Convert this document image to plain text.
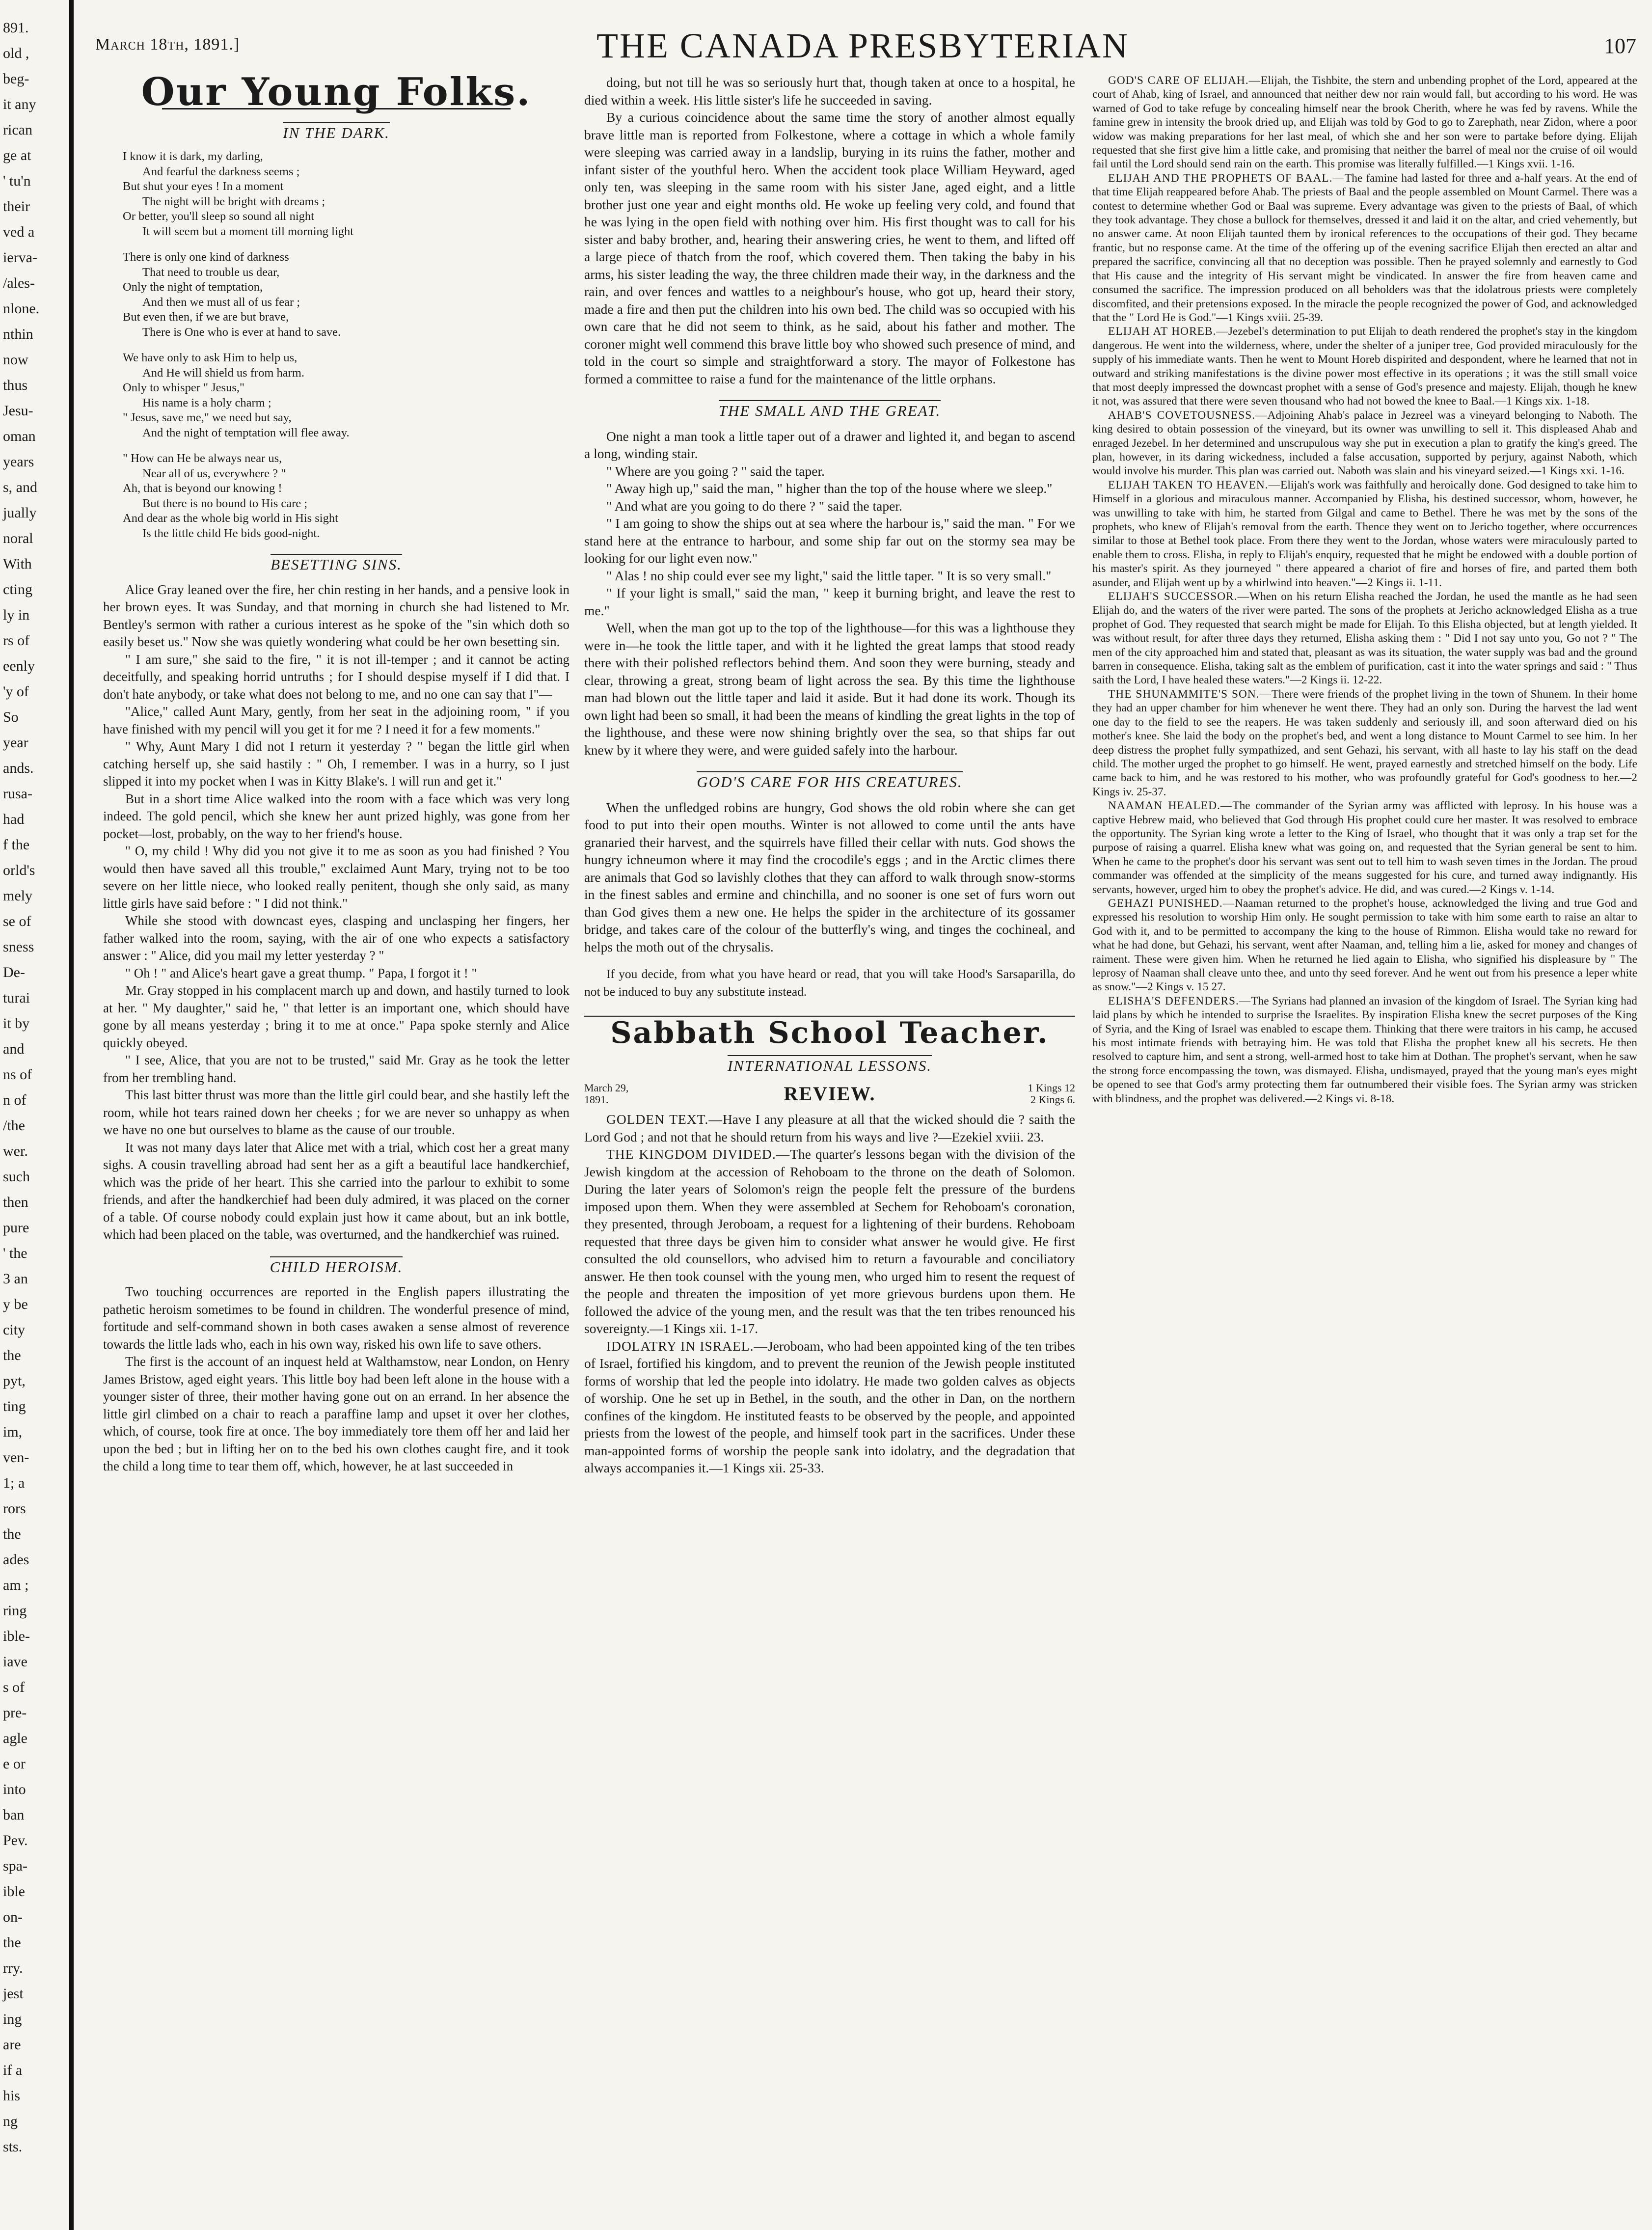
891.
old ,
beg-
it any
rican
ge at
' tu'n
their
ved a
ierva-
/ales-
nlone.
nthin
now
thus
Jesu-
oman
years
s, and
jually
noral
With
cting
ly in
rs of
eenly
'y of
So
year
ands.
rusa-
had
f the
orld's
mely
se of
sness
De-
turai
it by
and
ns of
n of
/the
wer.
such
then
pure
' the
3 an
y be
city
the
pyt,
ting
im,
ven-
1; a
rors
the
ades
am ;
ring
ible-
iave
s of
pre-
agle
e or
into
ban
Pev.
spa-
ible
on-
the
rry.
jest
ing
are
if a
his
ng
sts.
March 18th, 1891.]	THE CANADA PRESBYTERIAN	107
Our Young Folks.
IN THE DARK.
I know it is dark, my darling,
And fearful the darkness seems ;
But shut your eyes ! In a moment
The night will be bright with dreams ;
Or better, you'll sleep so sound all night
It will seem but a moment till morning light
There is only one kind of darkness
That need to trouble us dear,
Only the night of temptation,
And then we must all of us fear ;
But even then, if we are but brave,
There is One who is ever at hand to save.
We have only to ask Him to help us,
And He will shield us from harm.
Only to whisper " Jesus,"
His name is a holy charm ;
" Jesus, save me," we need but say,
And the night of temptation will flee away.
" How can He be always near us,
Near all of us, everywhere ? "
Ah, that is beyond our knowing !
But there is no bound to His care ;
And dear as the whole big world in His sight
Is the little child He bids good-night.
BESETTING SINS.

Alice Gray leaned over the fire, her chin resting in her hands, and a pensive look in her brown eyes. It was Sunday, and that morning in church she had listened to Mr. Bentley's sermon with rather a curious interest as he spoke of the "sin which doth so easily beset us." Now she was quietly wondering what could be her own besetting sin.

" I am sure," she said to the fire, " it is not ill-temper ; and it cannot be acting deceitfully, and speaking horrid untruths ; for I should despise myself if I did that. I don't hate anybody, or take what does not belong to me, and no one can say that I"—

"Alice," called Aunt Mary, gently, from her seat in the adjoining room, " if you have finished with my pencil will you get it for me ? I need it for a few moments."

" Why, Aunt Mary I did not I return it yesterday ? " began the little girl when catching herself up, she said hastily : " Oh, I remember. I was in a hurry, so I just slipped it into my pocket when I was in Kitty Blake's. I will run and get it."

But in a short time Alice walked into the room with a face which was very long indeed. The gold pencil, which she knew her aunt prized highly, was gone from her pocket—lost, probably, on the way to her friend's house.

" O, my child ! Why did you not give it to me as soon as you had finished ? You would then have saved all this trouble," exclaimed Aunt Mary, trying not to be too severe on her little niece, who looked really penitent, though she only said, as many little girls have said before : " I did not think."

While she stood with downcast eyes, clasping and unclasping her fingers, her father walked into the room, saying, with the air of one who expects a satisfactory answer : " Alice, did you mail my letter yesterday ? "

" Oh ! " and Alice's heart gave a great thump. " Papa, I forgot it ! "

Mr. Gray stopped in his complacent march up and down, and hastily turned to look at her. " My daughter," said he, " that letter is an important one, which should have gone by all means yesterday ; bring it to me at once." Papa spoke sternly and Alice quickly obeyed.

" I see, Alice, that you are not to be trusted," said Mr. Gray as he took the letter from her trembling hand.

This last bitter thrust was more than the little girl could bear, and she hastily left the room, while hot tears rained down her cheeks ; for we are never so unhappy as when we have no one but ourselves to blame as the cause of our trouble.

It was not many days later that Alice met with a trial, which cost her a great many sighs. A cousin travelling abroad had sent her as a gift a beautiful lace handkerchief, which was the pride of her heart. This she carried into the parlour to exhibit to some friends, and after the handkerchief had been duly admired, it was placed on the corner of a table. Of course nobody could explain just how it came about, but an ink bottle, which had been placed on the table, was overturned, and the handkerchief was ruined.

CHILD HEROISM.

Two touching occurrences are reported in the English papers illustrating the pathetic heroism sometimes to be found in children. The wonderful presence of mind, fortitude and self-command shown in both cases awaken a sense almost of reverence towards the little lads who, each in his own way, risked his own life to save others.

The first is the account of an inquest held at Walthamstow, near London, on Henry James Bristow, aged eight years. This little boy had been left alone in the house with a younger sister of three, their mother having gone out on an errand. In her absence the little girl climbed on a chair to reach a paraffine lamp and upset it over her clothes, which, of course, took fire at once. The boy immediately tore them off her and laid her upon the bed ; but in lifting her on to the bed his own clothes caught fire, and it took the child a long time to tear them off, which, however, he at last succeeded in

doing, but not till he was so seriously hurt that, though taken at once to a hospital, he died within a week. His little sister's life he succeeded in saving.

By a curious coincidence about the same time the story of another almost equally brave little man is reported from Folkestone, where a cottage in which a whole family were sleeping was carried away in a landslip, burying in its ruins the father, mother and infant sister of the youthful hero. When the accident took place William Heyward, aged only ten, was sleeping in the same room with his sister Jane, aged eight, and a little brother just one year and eight months old. He woke up feeling very cold, and found that he was lying in the open field with nothing over him. His first thought was to call for his sister and baby brother, and, hearing their answering cries, he went to them, and lifted off a large piece of thatch from the roof, which covered them. Then taking the baby in his arms, his sister leading the way, the three children made their way, in the darkness and the rain, and over fences and wattles to a neighbour's house, who got up, heard their story, made a fire and then put the children into his own bed. The child was so occupied with his own care that he did not seem to think, as he said, about his father and mother. The coroner might well commend this brave little boy who showed such presence of mind, and told in the court so simple and straightforward a story. The mayor of Folkestone has formed a committee to raise a fund for the maintenance of the little orphans.

THE SMALL AND THE GREAT.

One night a man took a little taper out of a drawer and lighted it, and began to ascend a long, winding stair.

" Where are you going ? " said the taper.

" Away high up," said the man, " higher than the top of the house where we sleep."

" And what are you going to do there ? " said the taper.

" I am going to show the ships out at sea where the harbour is," said the man. " For we stand here at the entrance to harbour, and some ship far out on the stormy sea may be looking for our light even now."

" Alas ! no ship could ever see my light," said the little taper. " It is so very small."

" If your light is small," said the man, " keep it burning bright, and leave the rest to me."

Well, when the man got up to the top of the lighthouse—for this was a lighthouse they were in—he took the little taper, and with it he lighted the great lamps that stood ready there with their polished reflectors behind them. And soon they were burning, steady and clear, throwing a great, strong beam of light across the sea. By this time the lighthouse man had blown out the little taper and laid it aside. But it had done its work. Though its own light had been so small, it had been the means of kindling the great lights in the top of the lighthouse, and these were now shining brightly over the sea, so that ships far out knew by it where they were, and were guided safely into the harbour.

GOD'S CARE FOR HIS CREATURES.

When the unfledged robins are hungry, God shows the old robin where she can get food to put into their open mouths. Winter is not allowed to come until the ants have granaried their harvest, and the squirrels have filled their cellar with nuts. God shows the hungry ichneumon where it may find the crocodile's eggs ; and in the Arctic climes there are animals that God so lavishly clothes that they can afford to walk through snow-storms in the finest sables and ermine and chinchilla, and no sooner is one set of furs worn out than God gives them a new one. He helps the spider in the architecture of its gossamer bridge, and takes care of the colour of the butterfly's wing, and tinges the cochineal, and helps the moth out of the chrysalis.

If you decide, from what you have heard or read, that you will take Hood's Sarsaparilla, do not be induced to buy any substitute instead.

Sabbath School Teacher.
INTERNATIONAL LESSONS.
March 29,
1891.	REVIEW.	1 Kings 12
2 Kings 6.

GOLDEN TEXT.—Have I any pleasure at all that the wicked should die ? saith the Lord God ; and not that he should return from his ways and live ?—Ezekiel xviii. 23.

THE KINGDOM DIVIDED.—The quarter's lessons began with the division of the Jewish kingdom at the accession of Rehoboam to the throne on the death of Solomon. During the later years of Solomon's reign the people felt the pressure of the burdens imposed upon them. When they were assembled at Sechem for Rehoboam's coronation, they presented, through Jeroboam, a request for a lightening of their burdens. Rehoboam requested that three days be given him to consider what answer he would give. He first consulted the old counsellors, who advised him to return a favourable and conciliatory answer. He then took counsel with the young men, who urged him to resent the request of the people and threaten the imposition of yet more grievous burdens upon them. He followed the advice of the young men, and the result was that the ten tribes renounced his sovereignty.—1 Kings xii. 1-17.

IDOLATRY IN ISRAEL.—Jeroboam, who had been appointed king of the ten tribes of Israel, fortified his kingdom, and to prevent the reunion of the Jewish people instituted forms of worship that led the people into idolatry. He made two golden calves as objects of worship. One he set up in Bethel, in the south, and the other in Dan, on the northern confines of the kingdom. He instituted feasts to be observed by the people, and appointed priests from the lowest of the people, and himself took part in the sacrifices. Under these man-appointed forms of worship the people sank into idolatry, and the degradation that always accompanies it.—1 Kings xii. 25-33.

GOD'S CARE OF ELIJAH.—Elijah, the Tishbite, the stern and unbending prophet of the Lord, appeared at the court of Ahab, king of Israel, and announced that neither dew nor rain would fall, but according to his word. He was warned of God to take refuge by concealing himself near the brook Cherith, where he was fed by ravens. While the famine grew in intensity the brook dried up, and Elijah was told by God to go to Zarephath, near Zidon, where a poor widow was making preparations for her last meal, of which she and her son were to partake before dying. Elijah requested that she first give him a little cake, and promising that neither the barrel of meal nor the cruise of oil would fail until the Lord should send rain on the earth. This promise was literally fulfilled.—1 Kings xvii. 1-16.

ELIJAH AND THE PROPHETS OF BAAL.—The famine had lasted for three and a-half years. At the end of that time Elijah reappeared before Ahab. The priests of Baal and the people assembled on Mount Carmel. There was a contest to determine whether God or Baal was supreme. Every advantage was given to the priests of Baal, of which they took advantage. They chose a bullock for themselves, dressed it and laid it on the altar, and cried vehemently, but no answer came. At noon Elijah taunted them by ironical references to the occupations of their god. They became frantic, but no response came. At the time of the offering up of the evening sacrifice Elijah then erected an altar and prepared the sacrifice, convincing all that no deception was possible. Then he prayed solemnly and earnestly to God that His cause and the integrity of His servant might be vindicated. In answer the fire from heaven came and consumed the sacrifice. The impression produced on all beholders was that the idolatrous priests were completely discomfited, and their pretensions exposed. In the miracle the people recognized the power of God, and acknowledged that the " Lord He is God."—1 Kings xviii. 25-39.

ELIJAH AT HOREB.—Jezebel's determination to put Elijah to death rendered the prophet's stay in the kingdom dangerous. He went into the wilderness, where, under the shelter of a juniper tree, God provided miraculously for the supply of his immediate wants. Then he went to Mount Horeb dispirited and despondent, where he learned that not in outward and striking manifestations is the divine power most effective in its operations ; it was the still small voice that most deeply impressed the downcast prophet with a sense of God's presence and majesty. Elijah, though he knew it not, was assured that there were seven thousand who had not bowed the knee to Baal.—1 Kings xix. 1-18.

AHAB'S COVETOUSNESS.—Adjoining Ahab's palace in Jezreel was a vineyard belonging to Naboth. The king desired to obtain possession of the vineyard, but its owner was unwilling to sell it. This displeased Ahab and enraged Jezebel. In her determined and unscrupulous way she put in execution a plan to gratify the king's greed. The plan, however, in its daring wickedness, included a false accusation, supported by perjury, against Naboth, which would involve his murder. This plan was carried out. Naboth was slain and his vineyard seized.—1 Kings xxi. 1-16.

ELIJAH TAKEN TO HEAVEN.—Elijah's work was faithfully and heroically done. God designed to take him to Himself in a glorious and miraculous manner. Accompanied by Elisha, his destined successor, whom, however, he was unwilling to take with him, he started from Gilgal and came to Bethel. There he was met by the sons of the prophets, who knew of Elijah's removal from the earth. Thence they went on to Jericho together, where occurrences similar to those at Bethel took place. From there they went to the Jordan, whose waters were miraculously parted to enable them to cross. Elisha, in reply to Elijah's enquiry, requested that he might be endowed with a double portion of his master's spirit. As they journeyed " there appeared a chariot of fire and horses of fire, and parted them both asunder, and Elijah went up by a whirlwind into heaven."—2 Kings ii. 1-11.

ELIJAH'S SUCCESSOR.—When on his return Elisha reached the Jordan, he used the mantle as he had seen Elijah do, and the waters of the river were parted. The sons of the prophets at Jericho acknowledged Elisha as a true prophet of God. They requested that search might be made for Elijah. To this Elisha objected, but at length yielded. It was without result, for after three days they returned, Elisha asking them : " Did I not say unto you, Go not ? " The men of the city approached him and stated that, pleasant as was its situation, the water supply was bad and the ground barren in consequence. Elisha, taking salt as the emblem of purification, cast it into the water springs and said : " Thus saith the Lord, I have healed these waters."—2 Kings ii. 12-22.

THE SHUNAMMITE'S SON.—There were friends of the prophet living in the town of Shunem. In their home they had an upper chamber for him whenever he went there. They had an only son. During the harvest the lad went one day to the field to see the reapers. He was taken suddenly and seriously ill, and soon afterward died on his mother's knee. She laid the body on the prophet's bed, and went a long distance to Mount Carmel to see him. In her deep distress the prophet fully sympathized, and sent Gehazi, his servant, with all haste to lay his staff on the dead child. The mother urged the prophet to go himself. He went, prayed earnestly and stretched himself on the body. Life came back to him, and he was restored to his mother, who was profoundly grateful for God's goodness to her.—2 Kings iv. 25-37.

NAAMAN HEALED.—The commander of the Syrian army was afflicted with leprosy. In his house was a captive Hebrew maid, who believed that God through His prophet could cure her master. It was resolved to embrace the opportunity. The Syrian king wrote a letter to the King of Israel, who thought that it was only a trap set for the purpose of raising a quarrel. Elisha knew what was going on, and requested that the Syrian general be sent to him. When he came to the prophet's door his servant was sent out to tell him to wash seven times in the Jordan. The proud commander was offended at the simplicity of the means suggested for his cure, and turned away indignantly. His servants, however, urged him to obey the prophet's advice. He did, and was cured.—2 Kings v. 1-14.

GEHAZI PUNISHED.—Naaman returned to the prophet's house, acknowledged the living and true God and expressed his resolution to worship Him only. He sought permission to take with him some earth to raise an altar to God with it, and to be permitted to accompany the king to the house of Rimmon. Elisha would take no reward for what he had done, but Gehazi, his servant, went after Naaman, and, telling him a lie, asked for money and changes of raiment. These were given him. When he returned he lied again to Elisha, who signified his displeasure by " The leprosy of Naaman shall cleave unto thee, and unto thy seed forever. And he went out from his presence a leper white as snow."—2 Kings v. 15 27.

ELISHA'S DEFENDERS.—The Syrians had planned an invasion of the kingdom of Israel. The Syrian king had laid plans by which he intended to surprise the Israelites. By inspiration Elisha knew the secret purposes of the King of Syria, and the King of Israel was enabled to escape them. Thinking that there were traitors in his camp, he accused his most intimate friends with betraying him. He was told that Elisha the prophet knew all his secrets. He then resolved to capture him, and sent a strong, well-armed host to take him at Dothan. The prophet's servant, when he saw the strong force encompassing the town, was dismayed. Elisha, undismayed, prayed that the young man's eyes might be opened to see that God's army protecting them far outnumbered their visible foes. The Syrian army was stricken with blindness, and the prophet was delivered.—2 Kings vi. 8-18.
